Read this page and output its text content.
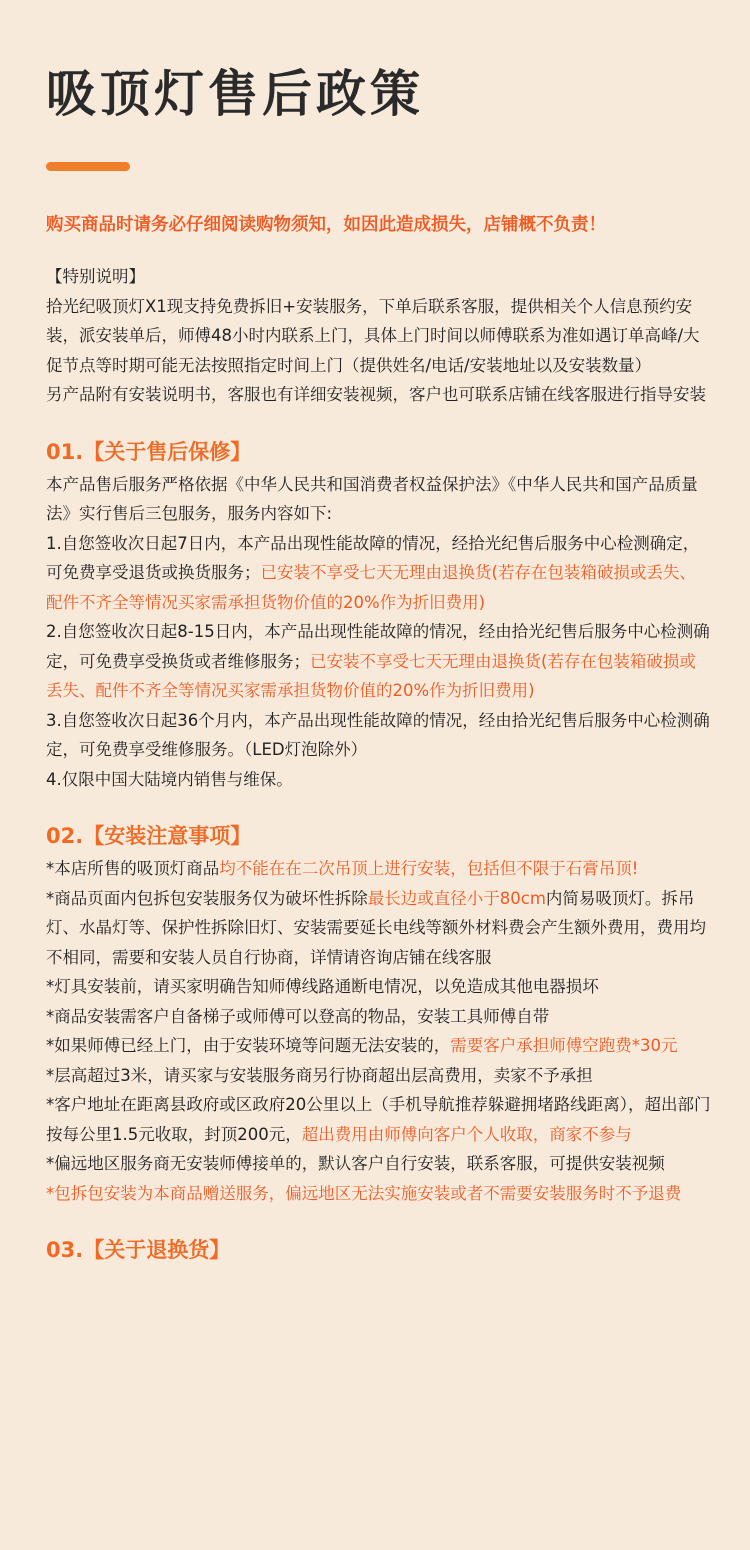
吸顶灯售后政策

购买商品时请务必仔细阅读购物须知，如因此造成损失，店铺概不负责！

【特别说明】

拾光纪吸顶灯X1现支持免费拆旧+安装服务，下单后联系客服，提供相关个人信息预约安装，派安装单后，师傅48小时内联系上门，具体上门时间以师傅联系为准如遇订单高峰/大促节点等时期可能无法按照指定时间上门（提供姓名/电话/安装地址以及安装数量）

另产品附有安装说明书，客服也有详细安装视频，客户也可联系店铺在线客服进行指导安装

01.【关于售后保修】

本产品售后服务严格依据《中华人民共和国消费者权益保护法》《中华人民共和国产品质量法》实行售后三包服务，服务内容如下:

1.自您签收次日起7日内，本产品出现性能故障的情况，经拾光纪售后服务中心检测确定，可免费享受退货或换货服务；已安装不享受七天无理由退换货(若存在包装箱破损或丢失、配件不齐全等情况买家需承担货物价值的20%作为折旧费用)

2.自您签收次日起8-15日内，本产品出现性能故障的情况，经由拾光纪售后服务中心检测确定，可免费享受换货或者维修服务；已安装不享受七天无理由退换货(若存在包装箱破损或丢失、配件不齐全等情况买家需承担货物价值的20%作为折旧费用)

3.自您签收次日起36个月内，本产品出现性能故障的情况，经由拾光纪售后服务中心检测确定，可免费享受维修服务。（LED灯泡除外）

4.仅限中国大陆境内销售与维保。

02.【安装注意事项】

*本店所售的吸顶灯商品均不能在在二次吊顶上进行安装，包括但不限于石膏吊顶!

*商品页面内包拆包安装服务仅为破坏性拆除最长边或直径小于80cm内简易吸顶灯。拆吊灯、水晶灯等、保护性拆除旧灯、安装需要延长电线等额外材料费会产生额外费用，费用均不相同，需要和安装人员自行协商，详情请咨询店铺在线客服

*灯具安装前，请买家明确告知师傅线路通断电情况，以免造成其他电器损坏

*商品安装需客户自备梯子或师傅可以登高的物品，安装工具师傅自带

*如果师傅已经上门，由于安装环境等问题无法安装的，需要客户承担师傅空跑费*30元

*层高超过3米，请买家与安装服务商另行协商超出层高费用，卖家不予承担

*客户地址在距离县政府或区政府20公里以上（手机导航推荐躲避拥堵路线距离），超出部门按每公里1.5元收取，封顶200元，超出费用由师傅向客户个人收取，商家不参与

*偏远地区服务商无安装师傅接单的，默认客户自行安装，联系客服，可提供安装视频

*包拆包安装为本商品赠送服务，偏远地区无法实施安装或者不需要安装服务时不予退费

03.【关于退换货】
